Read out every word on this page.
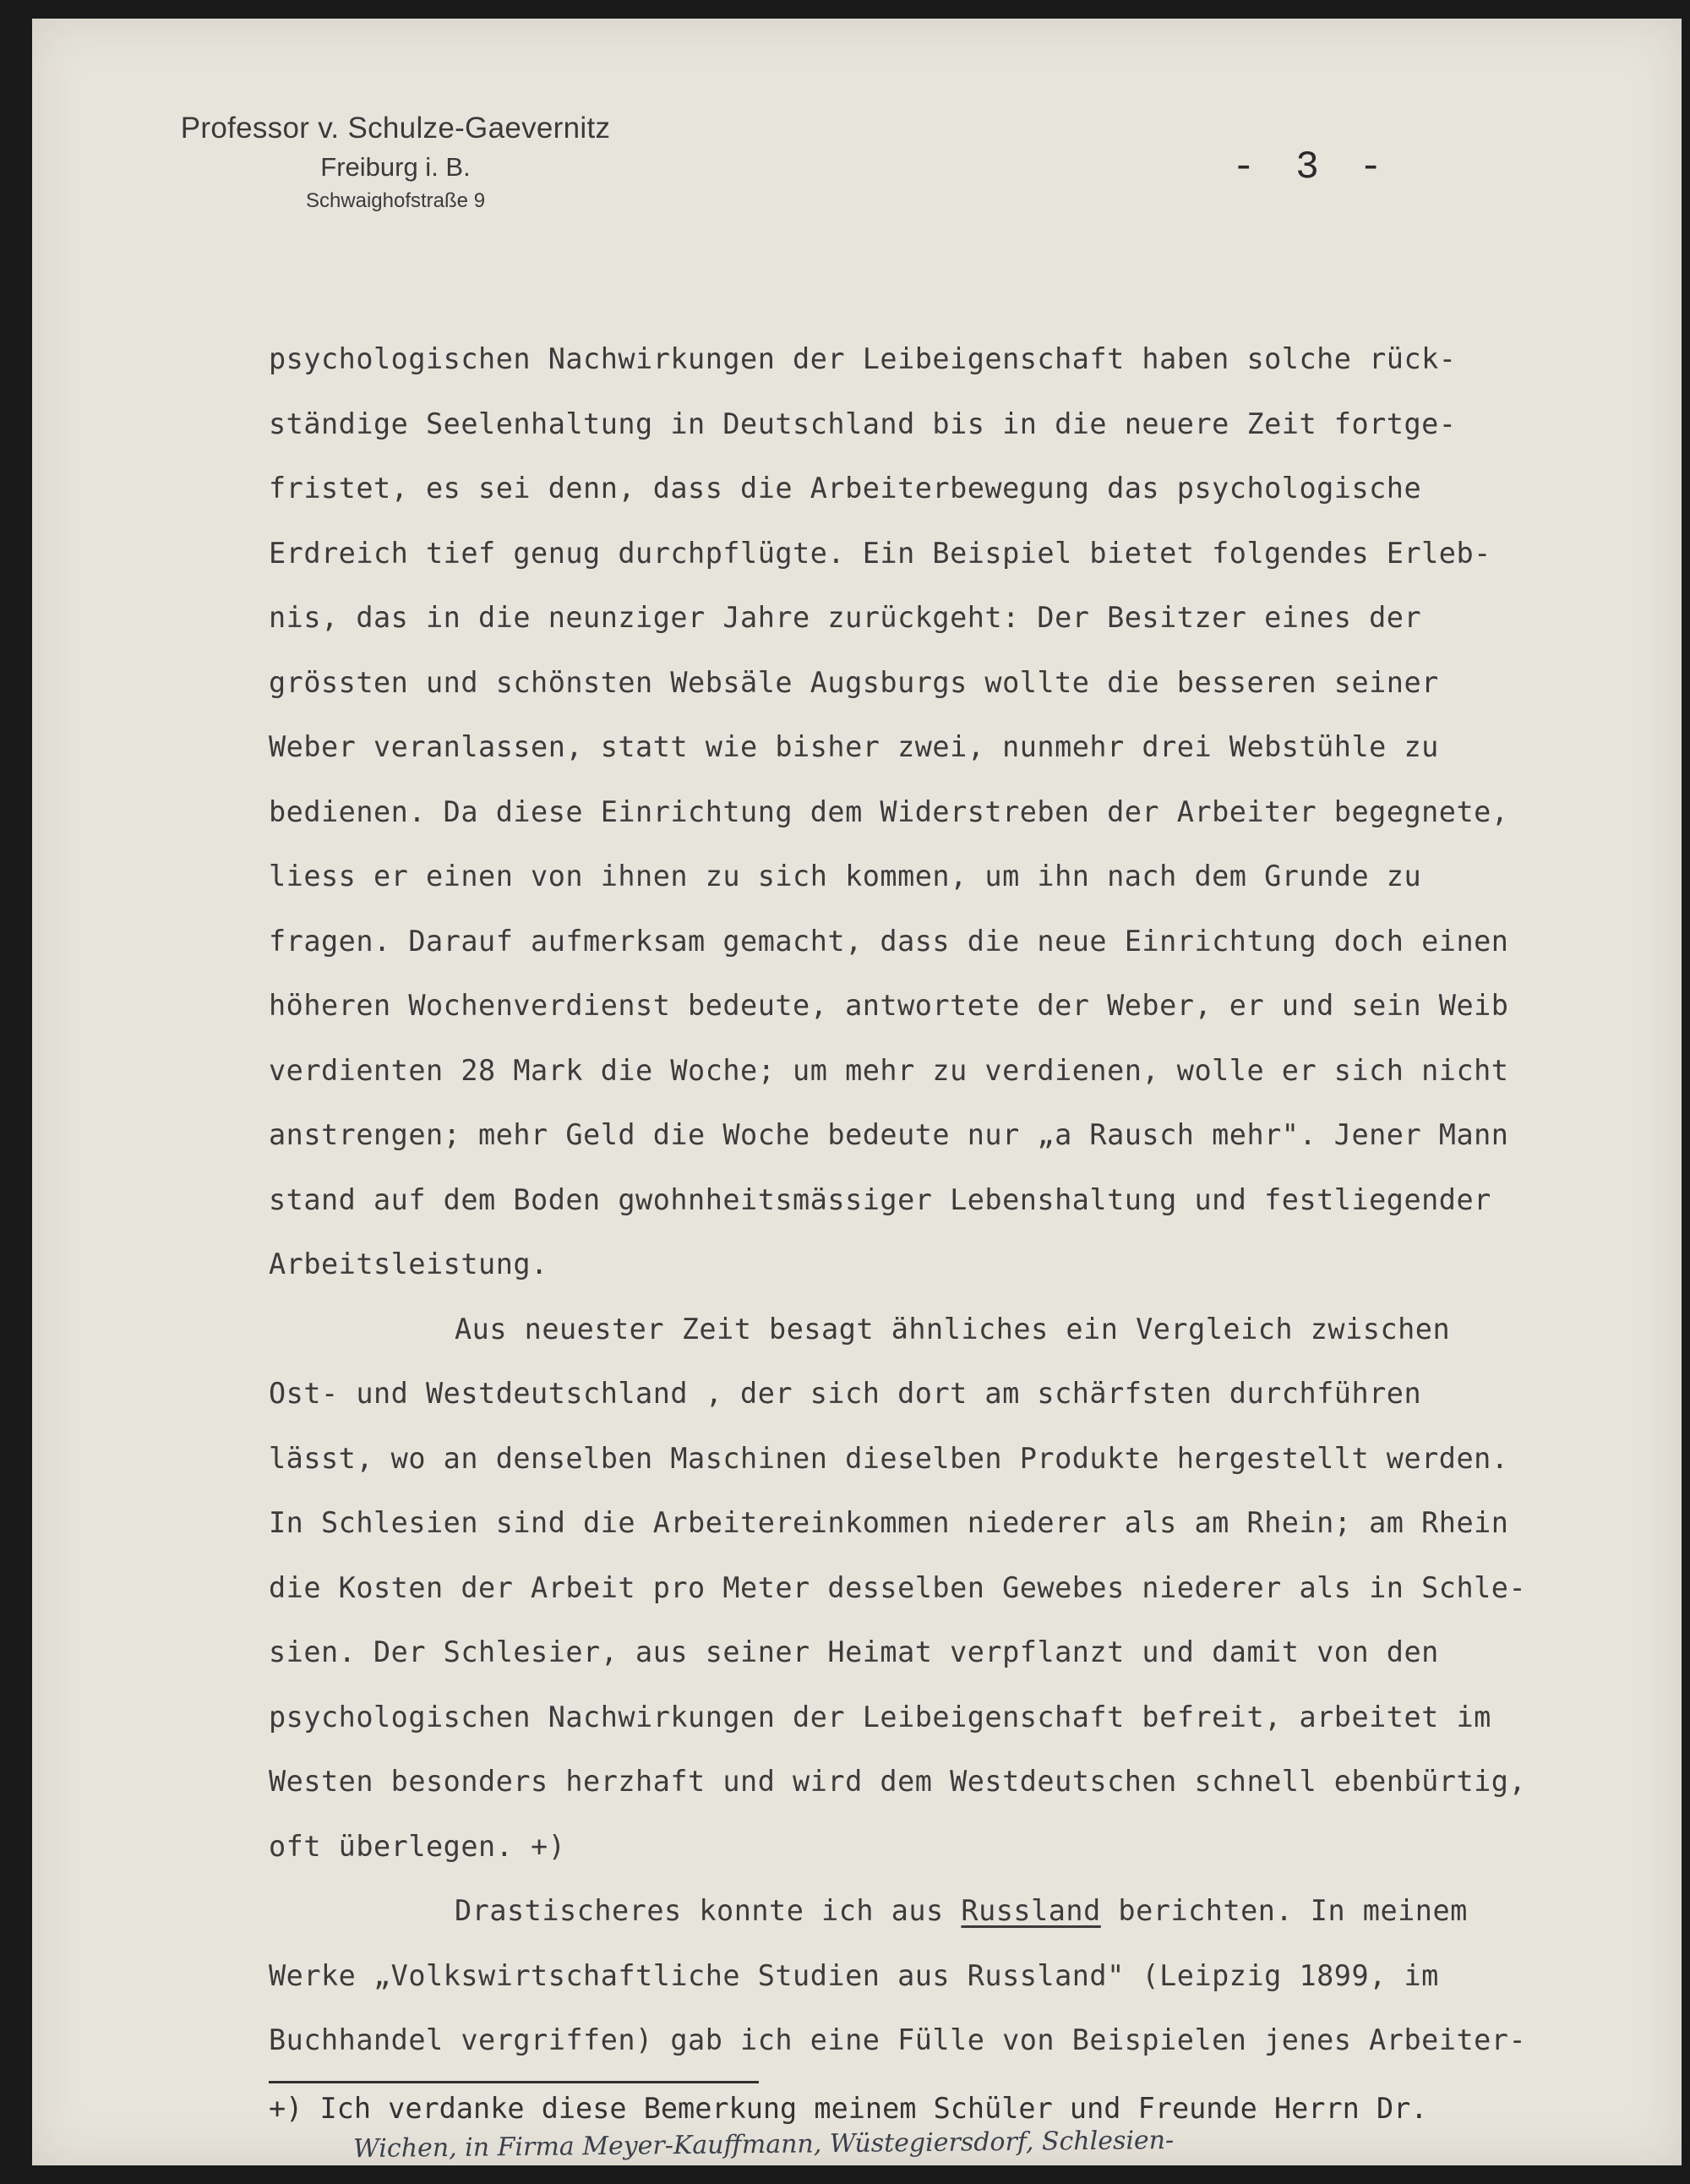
Professor v. Schulze-Gaevernitz
Freiburg i. B.
Schwaighofstraße 9
- 3 -
psychologischen Nachwirkungen der Leibeigenschaft haben solche rück-
ständige Seelenhaltung in Deutschland bis in die neuere Zeit fortge-
fristet, es sei denn, dass die Arbeiterbewegung das psychologische
Erdreich tief genug durchpflügte. Ein Beispiel bietet folgendes Erleb-
nis, das in die neunziger Jahre zurückgeht: Der Besitzer eines der
grössten und schönsten Websäle Augsburgs wollte die besseren seiner
Weber veranlassen, statt wie bisher zwei, nunmehr drei Webstühle zu
bedienen. Da diese Einrichtung dem Widerstreben der Arbeiter begegnete,
liess er einen von ihnen zu sich kommen, um ihn nach dem Grunde zu
fragen. Darauf aufmerksam gemacht, dass die neue Einrichtung doch einen
höheren Wochenverdienst bedeute, antwortete der Weber, er und sein Weib
verdienten 28 Mark die Woche; um mehr zu verdienen, wolle er sich nicht
anstrengen; mehr Geld die Woche bedeute nur „a Rausch mehr". Jener Mann
stand auf dem Boden gwohnheitsmässiger Lebenshaltung und festliegender
Arbeitsleistung.
Aus neuester Zeit besagt ähnliches ein Vergleich zwischen
Ost- und Westdeutschland , der sich dort am schärfsten durchführen
lässt, wo an denselben Maschinen dieselben Produkte hergestellt werden.
In Schlesien sind die Arbeitereinkommen niederer als am Rhein; am Rhein
die Kosten der Arbeit pro Meter desselben Gewebes niederer als in Schle-
sien. Der Schlesier, aus seiner Heimat verpflanzt und damit von den
psychologischen Nachwirkungen der Leibeigenschaft befreit, arbeitet im
Westen besonders herzhaft und wird dem Westdeutschen schnell ebenbürtig,
oft überlegen. +)
Drastischeres konnte ich aus Russland berichten. In meinem
Werke „Volkswirtschaftliche Studien aus Russland" (Leipzig 1899, im
Buchhandel vergriffen) gab ich eine Fülle von Beispielen jenes Arbeiter-
+) Ich verdanke diese Bemerkung meinem Schüler und Freunde Herrn Dr.
Wichen, in Firma Meyer-Kauffmann, Wüstegiersdorf, Schlesien-
